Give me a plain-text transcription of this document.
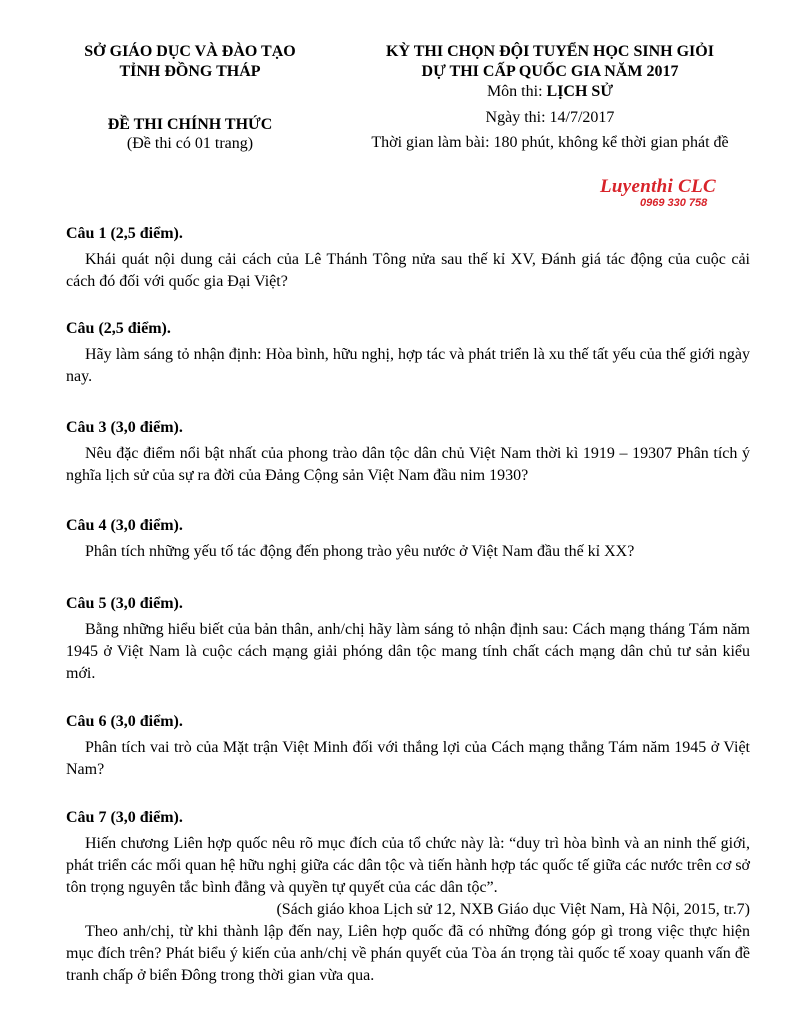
SỞ GIÁO DỤC VÀ ĐÀO TẠO
TỈNH ĐỒNG THÁP
ĐỀ THI CHÍNH THỨC
(Đề thi có 01 trang)
KỲ THI CHỌN ĐỘI TUYỂN HỌC SINH GIỎI
DỰ THI CẤP QUỐC GIA NĂM 2017
Môn thi: LỊCH SỬ
Ngày thi: 14/7/2017
Thời gian làm bài: 180 phút, không kể thời gian phát đề
Luyenthi CLC
0969 330 758
Câu 1 (2,5 điểm).

Khái quát nội dung cải cách của Lê Thánh Tông nửa sau thế kỉ XV, Đánh giá tác động của cuộc cải cách đó đối với quốc gia Đại Việt?

Câu (2,5 điểm).

Hãy làm sáng tỏ nhận định: Hòa bình, hữu nghị, hợp tác và phát triển là xu thế tất yếu của thế giới ngày nay.

Câu 3 (3,0 điểm).

Nêu đặc điểm nổi bật nhất của phong trào dân tộc dân chủ Việt Nam thời kì 1919 – 19307 Phân tích ý nghĩa lịch sử của sự ra đời của Đảng Cộng sản Việt Nam đầu nim 1930?

Câu 4 (3,0 điểm).

Phân tích những yếu tố tác động đến phong trào yêu nước ở Việt Nam đầu thế kỉ XX?

Câu 5 (3,0 điểm).

Bằng những hiểu biết của bản thân, anh/chị hãy làm sáng tỏ nhận định sau: Cách mạng tháng Tám năm 1945 ở Việt Nam là cuộc cách mạng giải phóng dân tộc mang tính chất cách mạng dân chủ tư sản kiểu mới.

Câu 6 (3,0 điểm).

Phân tích vai trò của Mặt trận Việt Minh đối với thắng lợi của Cách mạng thẳng Tám năm 1945 ở Việt Nam?

Câu 7 (3,0 điểm).

Hiến chương Liên hợp quốc nêu rõ mục đích của tổ chức này là: “duy trì hòa bình và an ninh thế giới, phát triển các mối quan hệ hữu nghị giữa các dân tộc và tiến hành hợp tác quốc tế giữa các nước trên cơ sở tôn trọng nguyên tắc bình đẳng và quyền tự quyết của các dân tộc”.

(Sách giáo khoa Lịch sử 12, NXB Giáo dục Việt Nam, Hà Nội, 2015, tr.7)

Theo anh/chị, từ khi thành lập đến nay, Liên hợp quốc đã có những đóng góp gì trong việc thực hiện mục đích trên? Phát biểu ý kiến của anh/chị về phán quyết của Tòa án trọng tài quốc tế xoay quanh vấn đề tranh chấp ở biển Đông trong thời gian vừa qua.
